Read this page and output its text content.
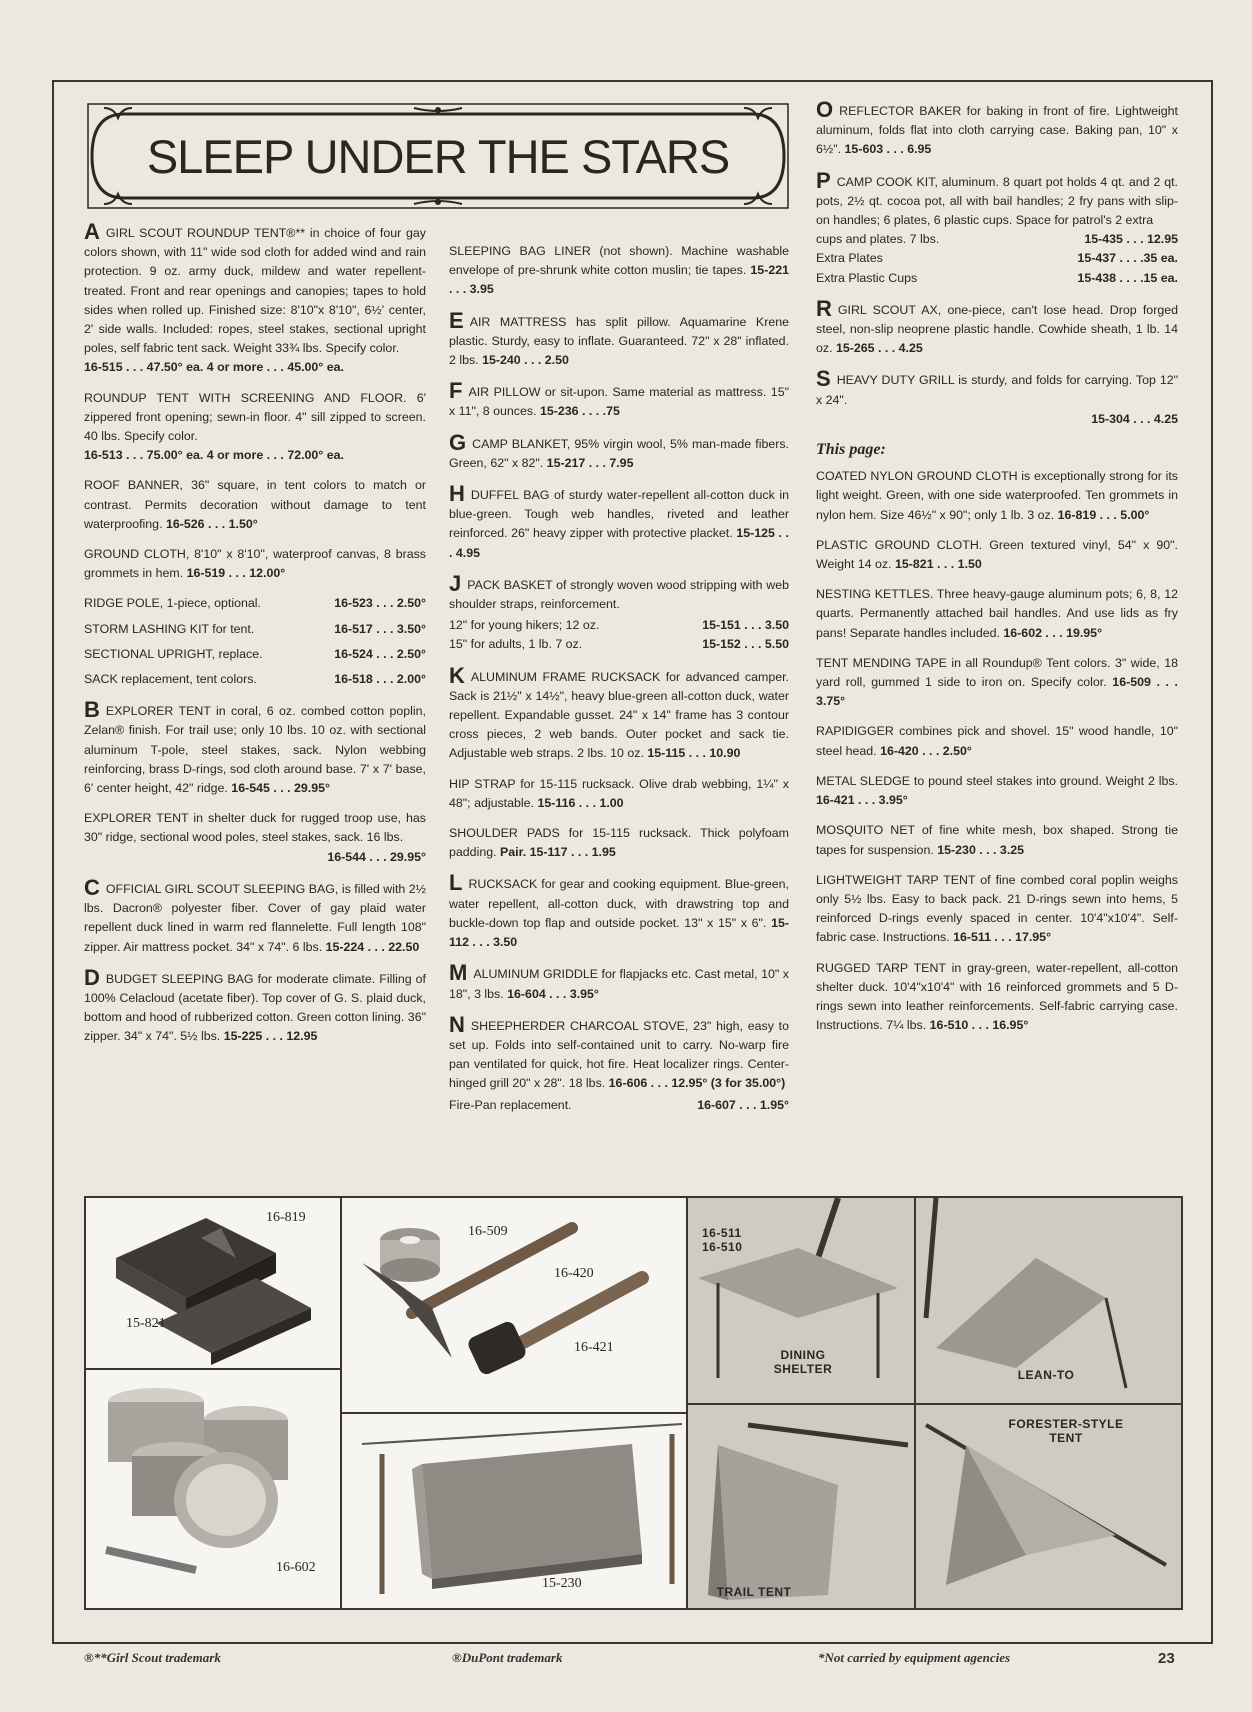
SLEEP UNDER THE STARS

AGIRL SCOUT ROUNDUP TENT®** in choice of four gay colors shown, with 11" wide sod cloth for added wind and rain protection. 9 oz. army duck, mildew and water repellent-treated. Front and rear openings and canopies; tapes to hold sides when rolled up. Finished size: 8'10"x 8'10", 6½' center, 2' side walls. Included: ropes, steel stakes, sectional upright poles, self fabric tent sack. Weight 33¾ lbs. Specify color.
16-515 . . . 47.50° ea. 4 or more . . . 45.00° ea.

ROUNDUP TENT WITH SCREENING AND FLOOR. 6' zippered front opening; sewn-in floor. 4" sill zipped to screen. 40 lbs. Specify color.
16-513 . . . 75.00° ea. 4 or more . . . 72.00° ea.

ROOF BANNER, 36" square, in tent colors to match or contrast. Permits decoration without damage to tent waterproofing. 16-526 . . . 1.50°

GROUND CLOTH, 8'10" x 8'10", waterproof canvas, 8 brass grommets in hem. 16-519 . . . 12.00°

RIDGE POLE, 1-piece, optional.	16-523 . . . 2.50°
STORM LASHING KIT for tent.	16-517 . . . 3.50°
SECTIONAL UPRIGHT, replace.	16-524 . . . 2.50°
SACK replacement, tent colors.	16-518 . . . 2.00°

BEXPLORER TENT in coral, 6 oz. combed cotton poplin, Zelan® finish. For trail use; only 10 lbs. 10 oz. with sectional aluminum T-pole, steel stakes, sack. Nylon webbing reinforcing, brass D-rings, sod cloth around base. 7' x 7' base, 6' center height, 42" ridge. 16-545 . . . 29.95°

EXPLORER TENT in shelter duck for rugged troop use, has 30" ridge, sectional wood poles, steel stakes, sack. 16 lbs.
16-544 . . . 29.95°

COFFICIAL GIRL SCOUT SLEEPING BAG, is filled with 2½ lbs. Dacron® polyester fiber. Cover of gay plaid water repellent duck lined in warm red flannelette. Full length 108" zipper. Air mattress pocket. 34" x 74". 6 lbs. 15-224 . . . 22.50

DBUDGET SLEEPING BAG for moderate climate. Filling of 100% Celacloud (acetate fiber). Top cover of G. S. plaid duck, bottom and hood of rubberized cotton. Green cotton lining. 36" zipper. 34" x 74". 5½ lbs. 15-225 . . . 12.95

SLEEPING BAG LINER (not shown). Machine washable envelope of pre-shrunk white cotton muslin; tie tapes. 15-221 . . . 3.95

EAIR MATTRESS has split pillow. Aquamarine Krene plastic. Sturdy, easy to inflate. Guaranteed. 72" x 28" inflated. 2 lbs. 15-240 . . . 2.50

FAIR PILLOW or sit-upon. Same material as mattress. 15" x 11", 8 ounces. 15-236 . . . .75

GCAMP BLANKET, 95% virgin wool, 5% man-made fibers. Green, 62" x 82". 15-217 . . . 7.95

HDUFFEL BAG of sturdy water-repellent all-cotton duck in blue-green. Tough web handles, riveted and leather reinforced. 26" heavy zipper with protective placket. 15-125 . . . 4.95

JPACK BASKET of strongly woven wood stripping with web shoulder straps, reinforcement.

12" for young hikers; 12 oz.	15-151 . . . 3.50
15" for adults, 1 lb. 7 oz.	15-152 . . . 5.50

KALUMINUM FRAME RUCKSACK for advanced camper. Sack is 21½" x 14½", heavy blue-green all-cotton duck, water repellent. Expandable gusset. 24" x 14" frame has 3 contour cross pieces, 2 web bands. Outer pocket and sack tie. Adjustable web straps. 2 lbs. 10 oz. 15-115 . . . 10.90

HIP STRAP for 15-115 rucksack. Olive drab webbing, 1¼" x 48"; adjustable. 15-116 . . . 1.00

SHOULDER PADS for 15-115 rucksack. Thick polyfoam padding. Pair. 15-117 . . . 1.95

LRUCKSACK for gear and cooking equipment. Blue-green, water repellent, all-cotton duck, with drawstring top and buckle-down top flap and outside pocket. 13" x 15" x 6". 15-112 . . . 3.50

MALUMINUM GRIDDLE for flapjacks etc. Cast metal, 10" x 18", 3 lbs. 16-604 . . . 3.95°

NSHEEPHERDER CHARCOAL STOVE, 23" high, easy to set up. Folds into self-contained unit to carry. No-warp fire pan ventilated for quick, hot fire. Heat localizer rings. Center-hinged grill 20" x 28". 18 lbs. 16-606 . . . 12.95° (3 for 35.00°)

Fire-Pan replacement.	16-607 . . . 1.95°

OREFLECTOR BAKER for baking in front of fire. Lightweight aluminum, folds flat into cloth carrying case. Baking pan, 10" x 6½". 15-603 . . . 6.95

PCAMP COOK KIT, aluminum. 8 quart pot holds 4 qt. and 2 qt. pots, 2½ qt. cocoa pot, all with bail handles; 2 fry pans with slip-on handles; 6 plates, 6 plastic cups. Space for patrol's 2 extra

cups and plates. 7 lbs.	15-435 . . . 12.95
Extra Plates	15-437 . . . .35 ea.
Extra Plastic Cups	15-438 . . . .15 ea.

RGIRL SCOUT AX, one-piece, can't lose head. Drop forged steel, non-slip neoprene plastic handle. Cowhide sheath, 1 lb. 14 oz. 15-265 . . . 4.25

SHEAVY DUTY GRILL is sturdy, and folds for carrying. Top 12" x 24".
15-304 . . . 4.25

This page:

COATED NYLON GROUND CLOTH is exceptionally strong for its light weight. Green, with one side waterproofed. Ten grommets in nylon hem. Size 46½" x 90"; only 1 lb. 3 oz. 16-819 . . . 5.00°

PLASTIC GROUND CLOTH. Green textured vinyl, 54" x 90". Weight 14 oz. 15-821 . . . 1.50

NESTING KETTLES. Three heavy-gauge aluminum pots; 6, 8, 12 quarts. Permanently attached bail handles. And use lids as fry pans! Separate handles included. 16-602 . . . 19.95°

TENT MENDING TAPE in all Roundup® Tent colors. 3" wide, 18 yard roll, gummed 1 side to iron on. Specify color. 16-509 . . . 3.75°

RAPIDIGGER combines pick and shovel. 15" wood handle, 10" steel head. 16-420 . . . 2.50°

METAL SLEDGE to pound steel stakes into ground. Weight 2 lbs. 16-421 . . . 3.95°

MOSQUITO NET of fine white mesh, box shaped. Strong tie tapes for suspension. 15-230 . . . 3.25

LIGHTWEIGHT TARP TENT of fine combed coral poplin weighs only 5½ lbs. Easy to back pack. 21 D-rings sewn into hems, 5 reinforced D-rings evenly spaced in center. 10'4"x10'4". Self-fabric case. Instructions. 16-511 . . . 17.95°

RUGGED TARP TENT in gray-green, water-repellent, all-cotton shelter duck. 10'4"x10'4" with 16 reinforced grommets and 5 D-rings sewn into leather reinforcements. Self-fabric carrying case. Instructions. 7¼ lbs. 16-510 . . . 16.95°

16-819
15-821
16-509
16-420
16-421
16-602
15-230
16-511
16-510
DINING SHELTER	LEAN-TO
TRAIL TENT
FORESTER-STYLE TENT
®**Girl Scout trademark	®DuPont trademark	*Not carried by equipment agencies	23
